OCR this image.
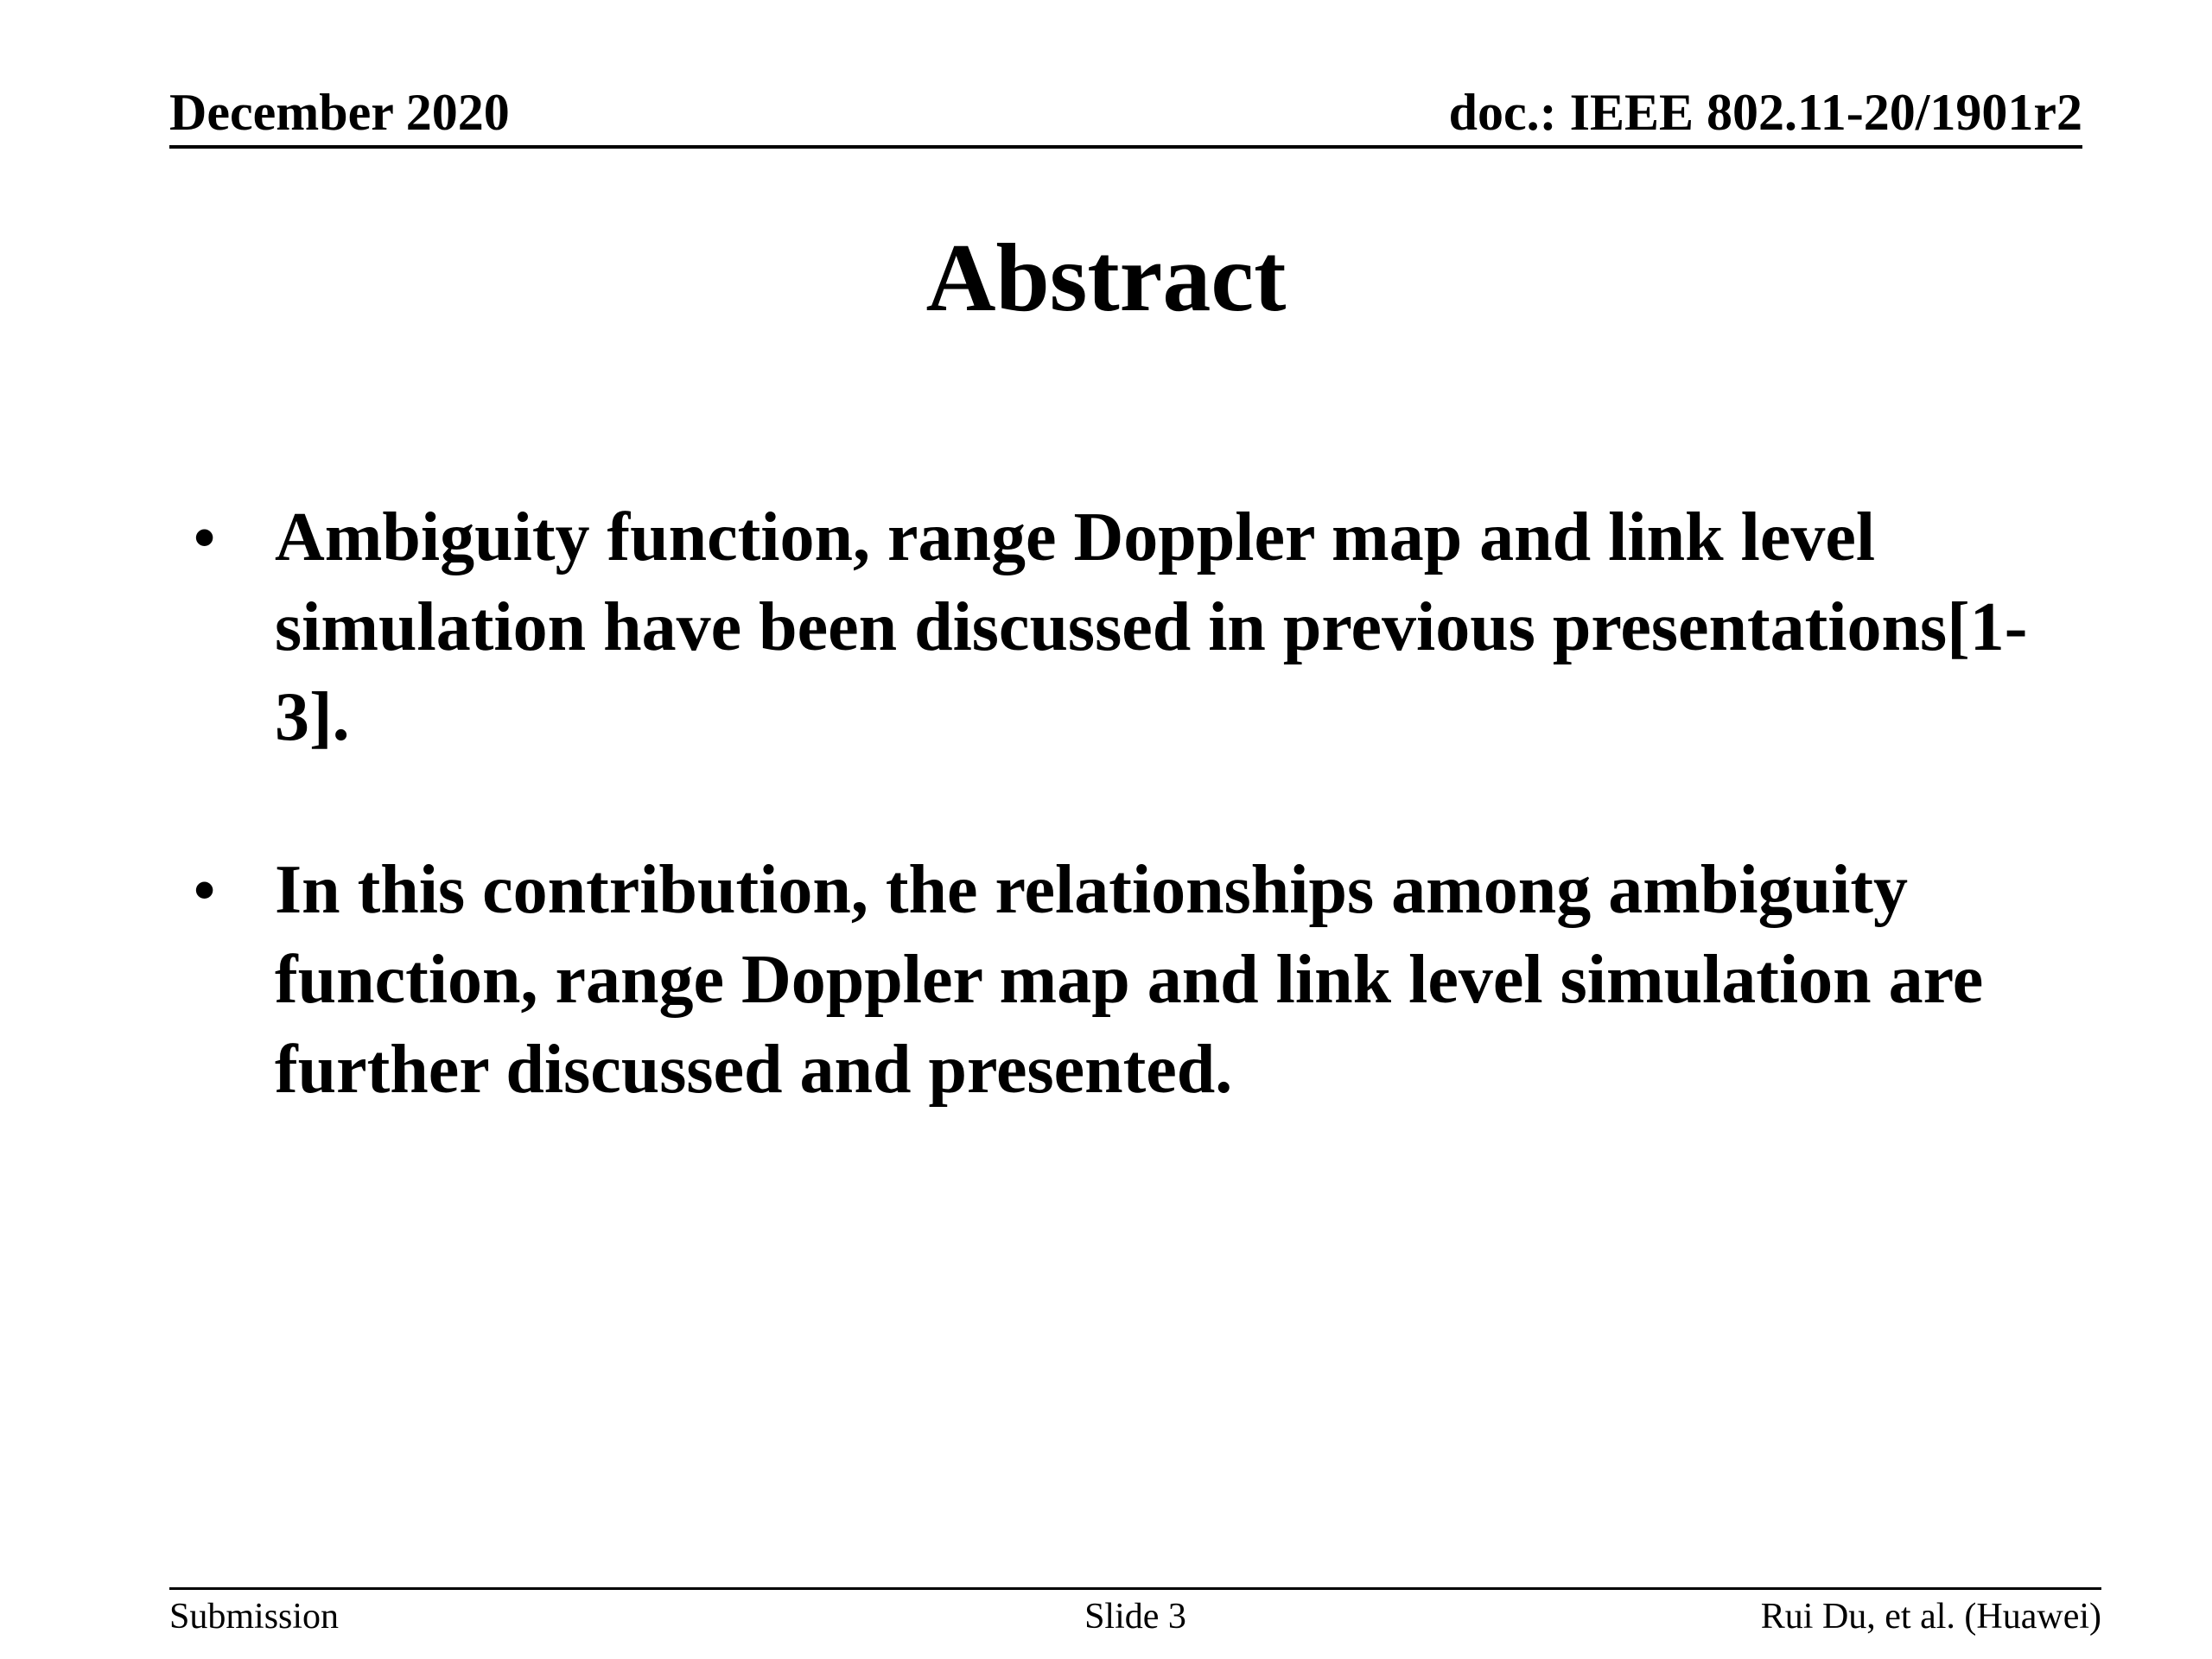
December 2020	doc.: IEEE 802.11-20/1901r2
Abstract
• Ambiguity function, range Doppler map and link level simulation have been discussed in previous presentations[1-3].
• In this contribution, the relationships among ambiguity function, range Doppler map and link level simulation are further discussed and presented.
Submission	Slide 3	Rui Du, et al. (Huawei)
